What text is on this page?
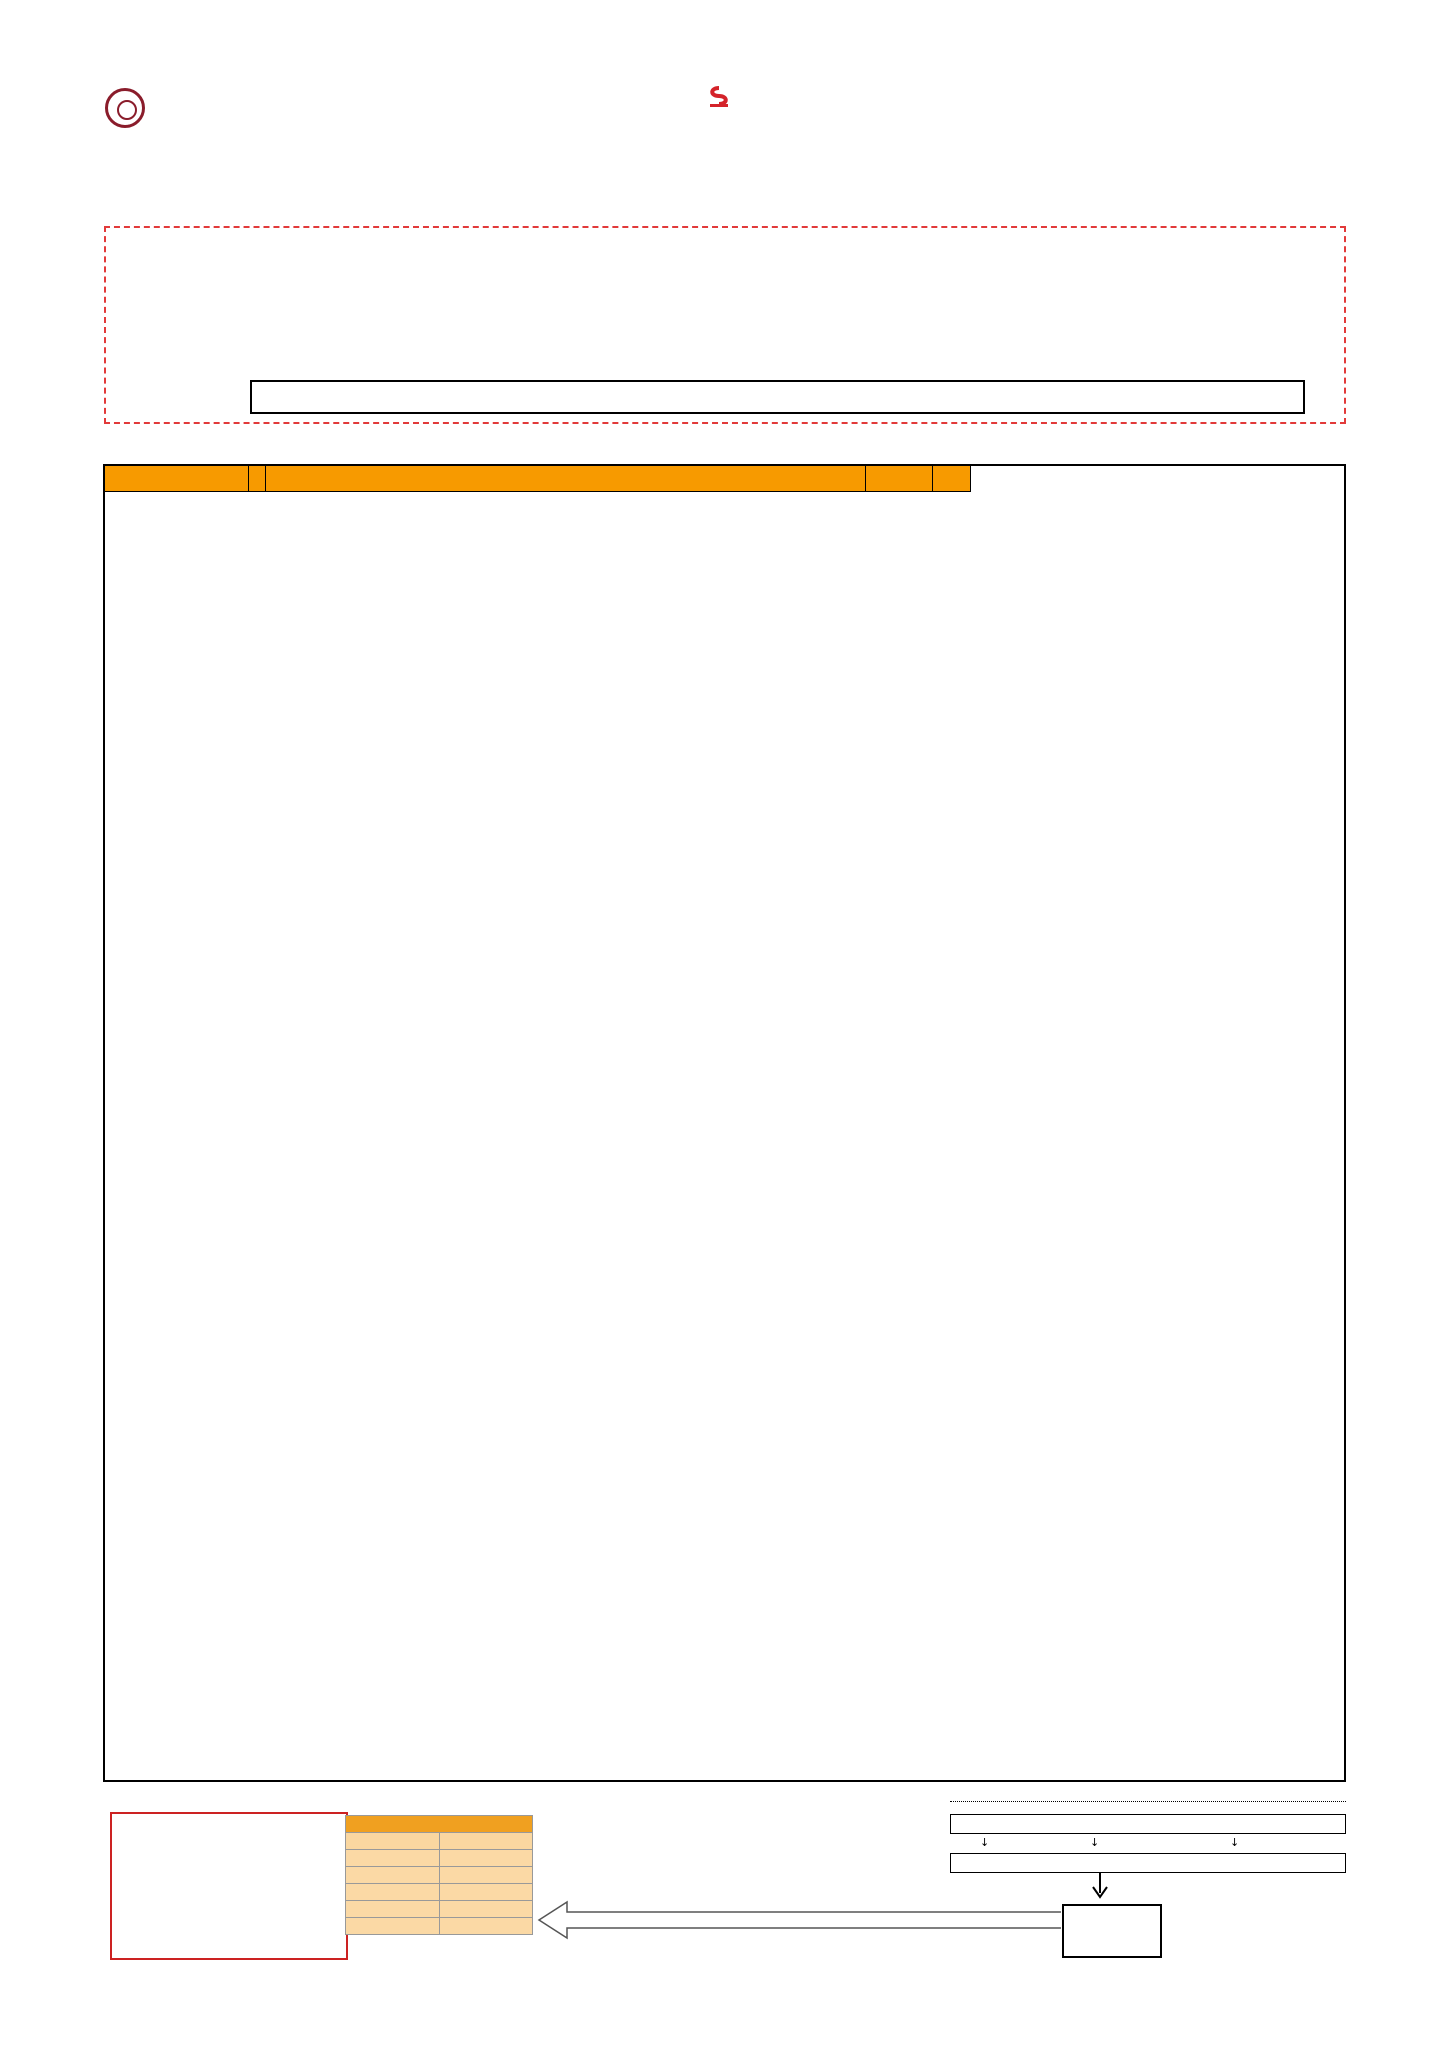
↓	↓	↓
